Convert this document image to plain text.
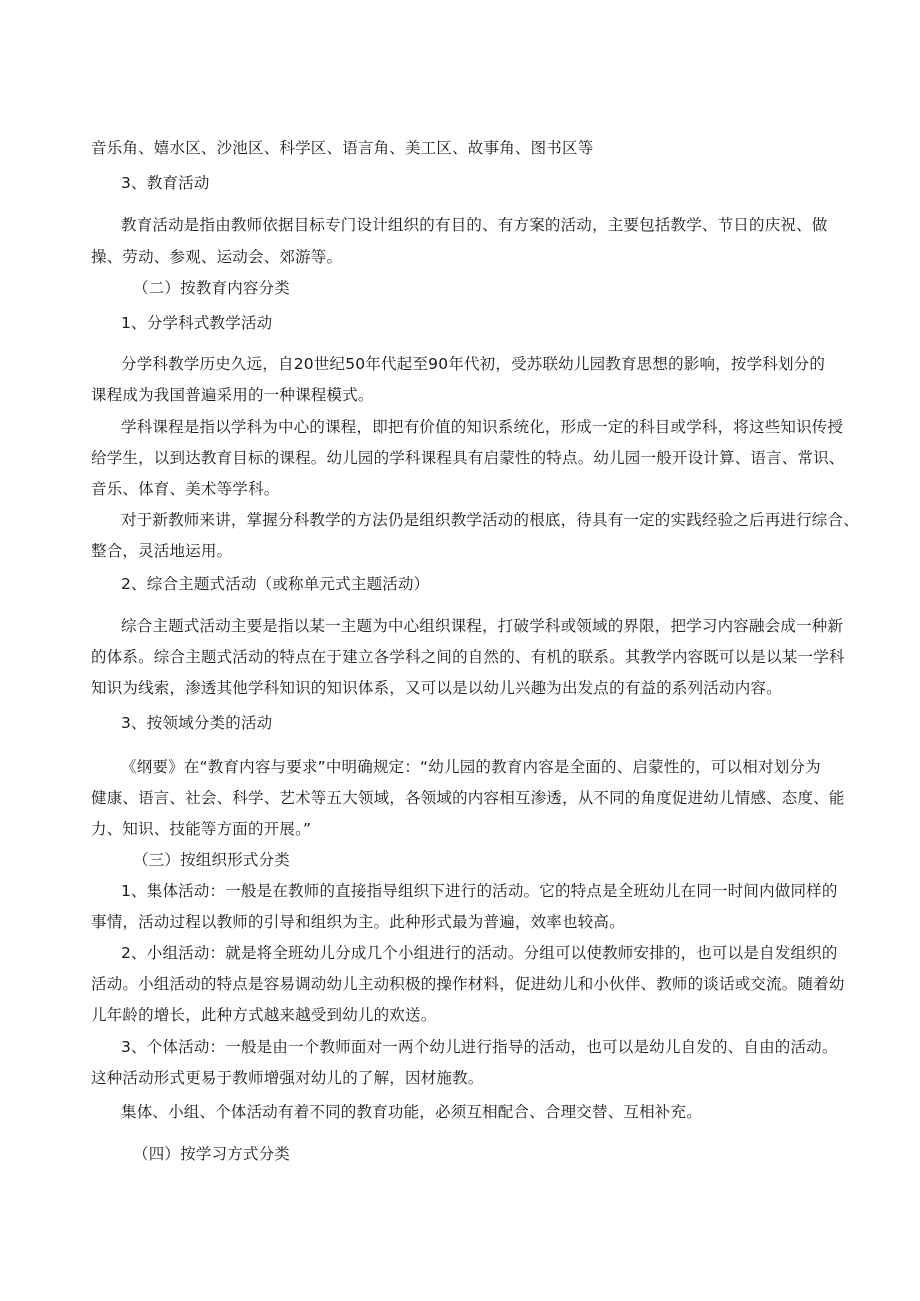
音乐角、嬉水区、沙池区、科学区、语言角、美工区、故事角、图书区等

3、教育活动

教育活动是指由教师依据目标专门设计组织的有目的、有方案的活动，主要包括教学、节日的庆祝、做

操、劳动、参观、运动会、郊游等。

（二）按教育内容分类

1、分学科式教学活动

分学科教学历史久远，自20世纪50年代起至90年代初，受苏联幼儿园教育思想的影响，按学科划分的

课程成为我国普遍采用的一种课程模式。

学科课程是指以学科为中心的课程，即把有价值的知识系统化，形成一定的科目或学科，将这些知识传授

给学生，以到达教育目标的课程。幼儿园的学科课程具有启蒙性的特点。幼儿园一般开设计算、语言、常识、

音乐、体育、美术等学科。

对于新教师来讲，掌握分科教学的方法仍是组织教学活动的根底，待具有一定的实践经验之后再进行综合、

整合，灵活地运用。

2、综合主题式活动（或称单元式主题活动）

综合主题式活动主要是指以某一主题为中心组织课程，打破学科或领域的界限，把学习内容融会成一种新

的体系。综合主题式活动的特点在于建立各学科之间的自然的、有机的联系。其教学内容既可以是以某一学科

知识为线索，渗透其他学科知识的知识体系，又可以是以幼儿兴趣为出发点的有益的系列活动内容。

3、按领域分类的活动

《纲要》在“教育内容与要求”中明确规定：“幼儿园的教育内容是全面的、启蒙性的，可以相对划分为

健康、语言、社会、科学、艺术等五大领域，各领域的内容相互渗透，从不同的角度促进幼儿情感、态度、能

力、知识、技能等方面的开展。”

（三）按组织形式分类

1、集体活动：一般是在教师的直接指导组织下进行的活动。它的特点是全班幼儿在同一时间内做同样的

事情，活动过程以教师的引导和组织为主。此种形式最为普遍，效率也较高。

2、小组活动：就是将全班幼儿分成几个小组进行的活动。分组可以使教师安排的，也可以是自发组织的

活动。小组活动的特点是容易调动幼儿主动积极的操作材料，促进幼儿和小伙伴、教师的谈话或交流。随着幼

儿年龄的增长，此种方式越来越受到幼儿的欢送。

3、个体活动：一般是由一个教师面对一两个幼儿进行指导的活动，也可以是幼儿自发的、自由的活动。

这种活动形式更易于教师增强对幼儿的了解，因材施教。

集体、小组、个体活动有着不同的教育功能，必须互相配合、合理交替、互相补充。

（四）按学习方式分类
